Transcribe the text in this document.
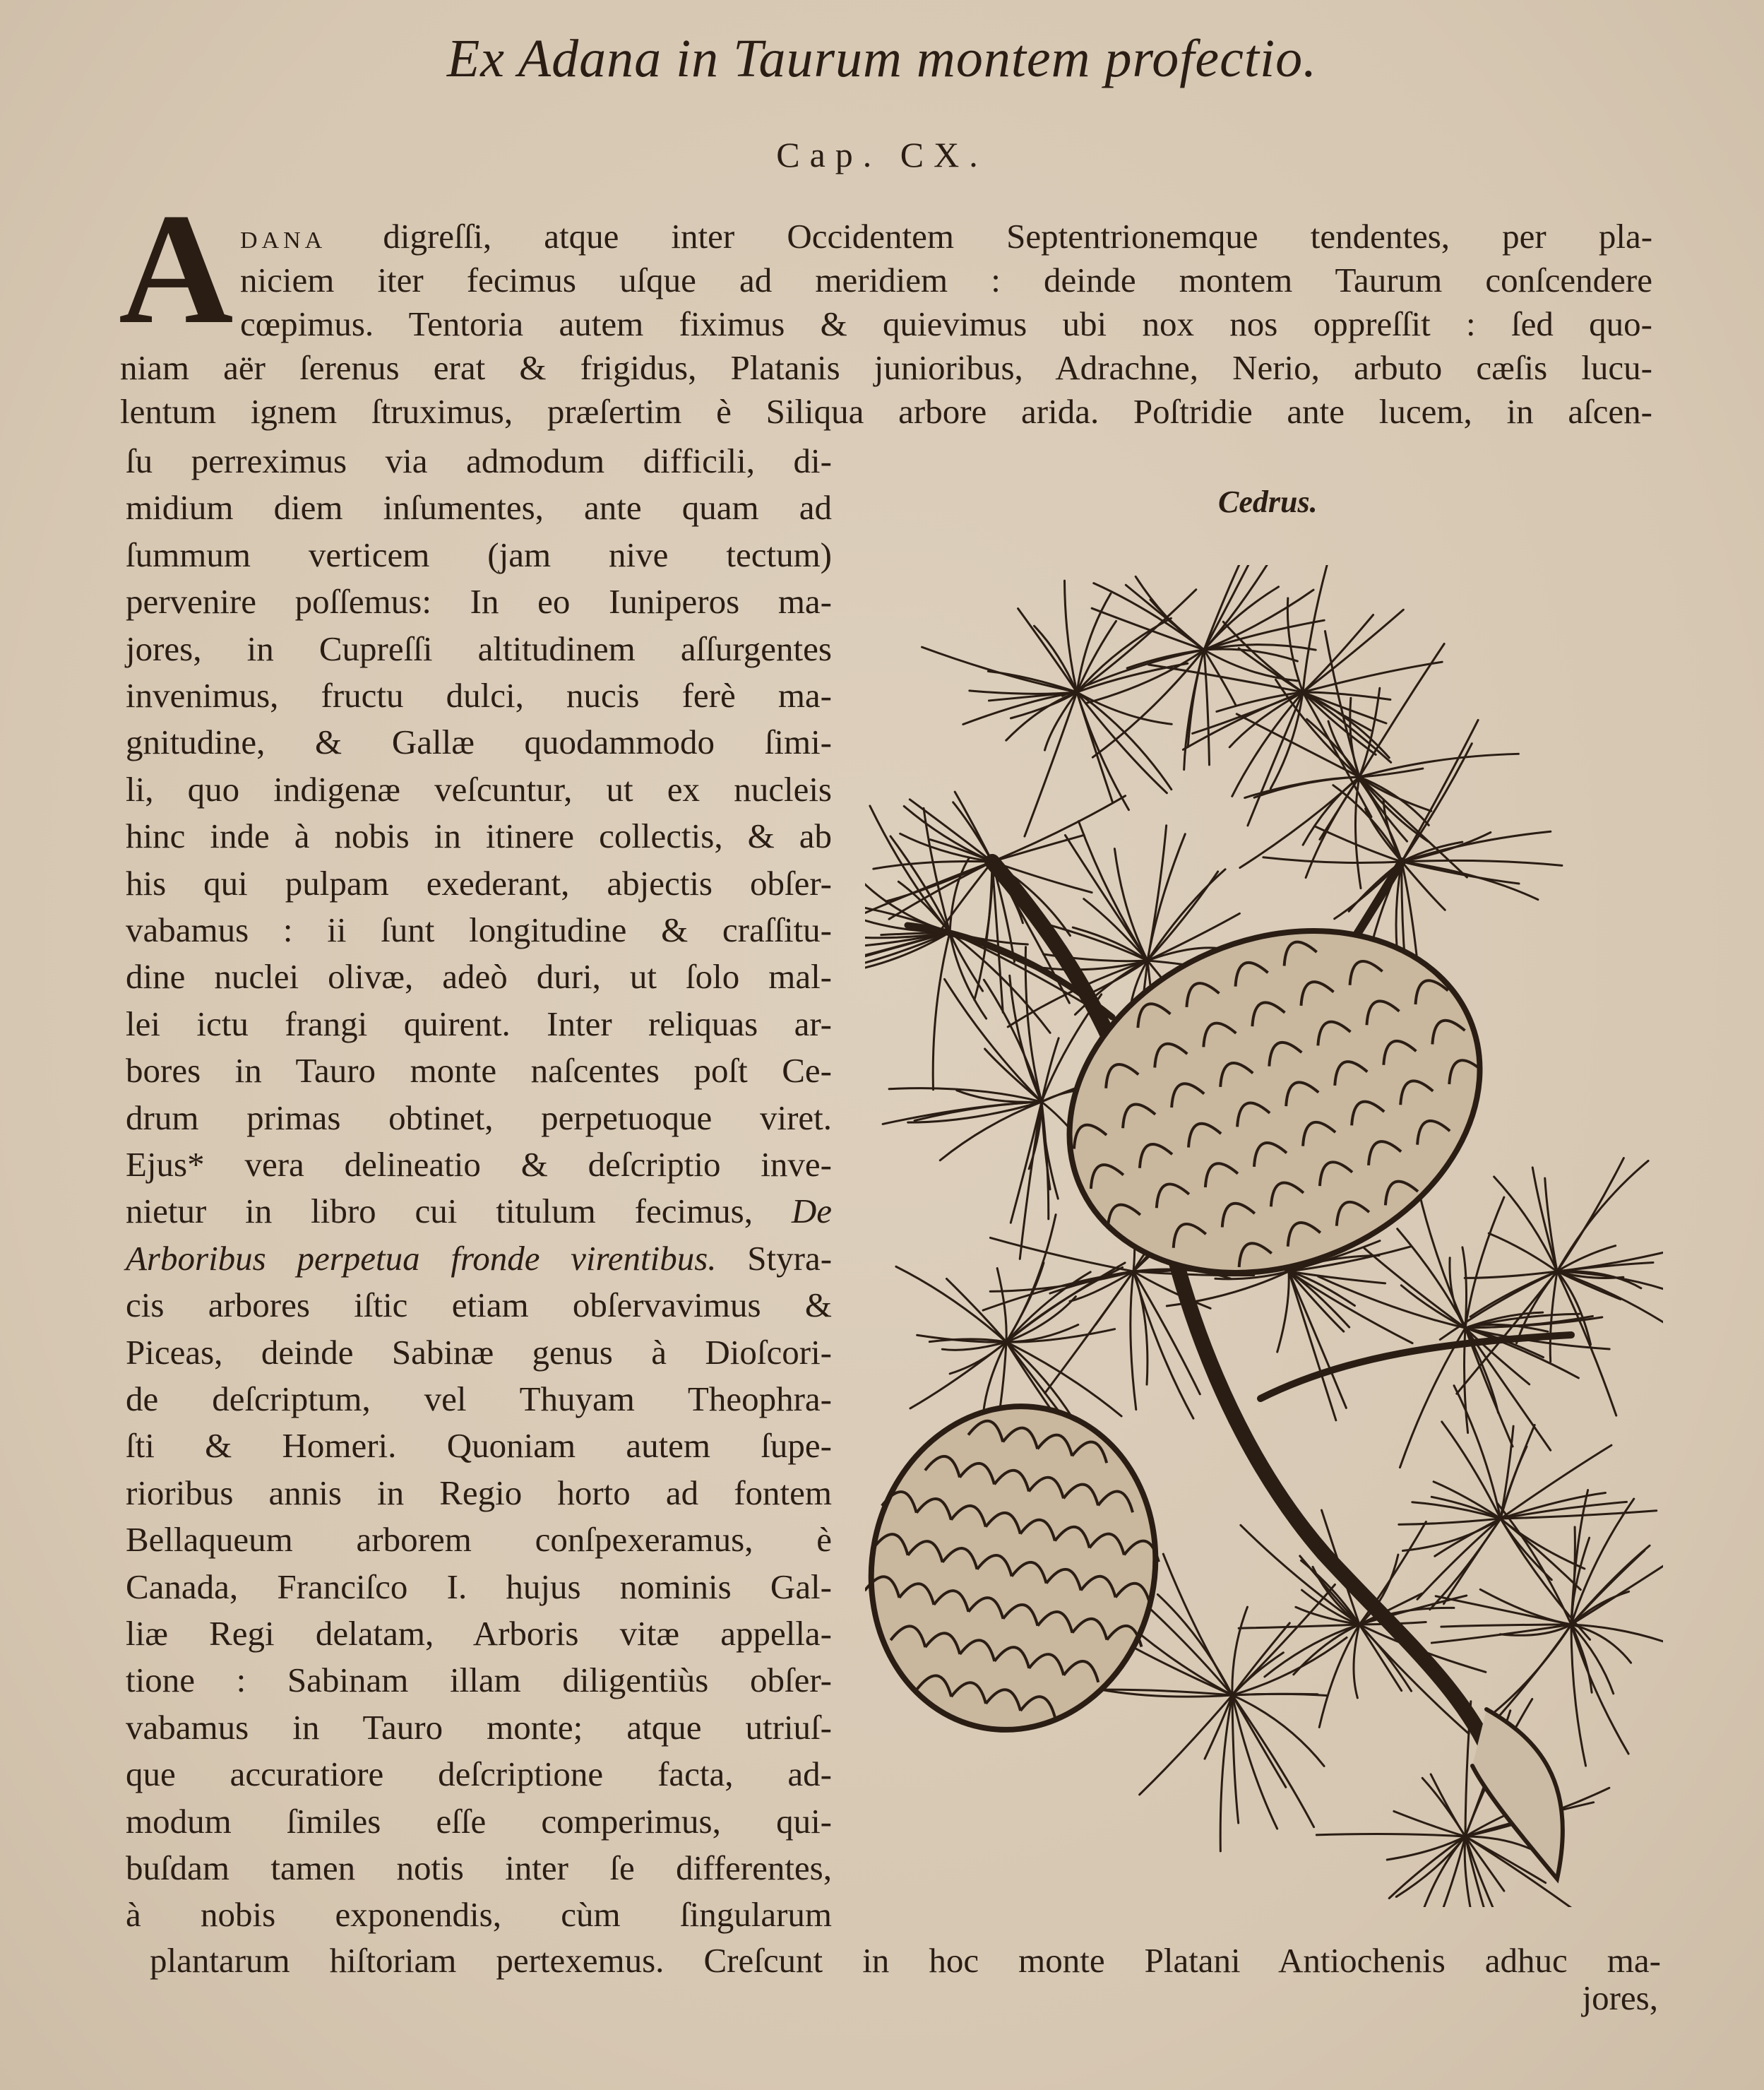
Ex Adana in Taurum montem profectio.
Cap. CX.
A dana digreſſi, atque inter Occidentem Septentrionemque tendentes, per pla-
niciem iter fecimus uſque ad meridiem : deinde montem Taurum conſcendere
cœpimus. Tentoria autem fiximus & quievimus ubi nox nos oppreſſit : ſed quo-
niam aër ſerenus erat & frigidus, Platanis junioribus, Adrachne, Nerio, arbuto cæſis lucu-
lentum ignem ſtruximus, præſertim è Siliqua arbore arida. Poſtridie ante lucem, in aſcen-
ſu perreximus via admodum difficili, di-
midium diem inſumentes, ante quam ad
ſummum verticem (jam nive tectum)
pervenire poſſemus: In eo Iuniperos ma-
jores, in Cupreſſi altitudinem aſſurgentes
invenimus, fructu dulci, nucis ferè ma-
gnitudine, & Gallæ quodammodo ſimi-
li, quo indigenæ veſcuntur, ut ex nucleis
hinc inde à nobis in itinere collectis, & ab
his qui pulpam exederant, abjectis obſer-
vabamus : ii ſunt longitudine & craſſitu-
dine nuclei olivæ, adeò duri, ut ſolo mal-
lei ictu frangi quirent. Inter reliquas ar-
bores in Tauro monte naſcentes poſt Ce-
drum primas obtinet, perpetuoque viret.
Ejus* vera delineatio & deſcriptio inve-
nietur in libro cui titulum fecimus, De
Arboribus perpetua fronde virentibus. Styra-
cis arbores iſtic etiam obſervavimus &
Piceas, deinde Sabinæ genus à Dioſcori-
de deſcriptum, vel Thuyam Theophra-
ſti & Homeri. Quoniam autem ſupe-
rioribus annis in Regio horto ad fontem
Bellaqueum arborem conſpexeramus, è
Canada, Franciſco I. hujus nominis Gal-
liæ Regi delatam, Arboris vitæ appella-
tione : Sabinam illam diligentiùs obſer-
vabamus in Tauro monte; atque utriuſ-
que accuratiore deſcriptione facta, ad-
modum ſimiles eſſe comperimus, qui-
buſdam tamen notis inter ſe differentes,
à nobis exponendis, cùm ſingularum
plantarum hiſtoriam pertexemus. Creſcunt in hoc monte Platani Antiochenis adhuc ma-
jores,
Cedrus.
